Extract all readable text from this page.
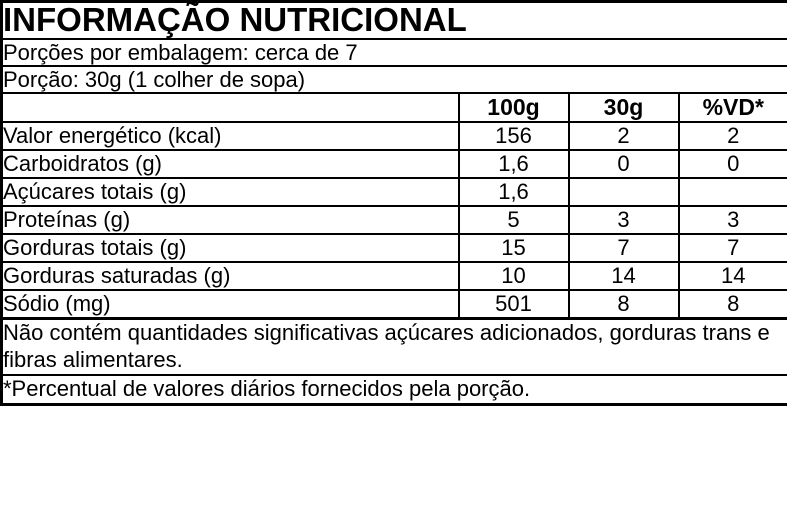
INFORMAÇÃO NUTRICIONAL			
Porções por embalagem: cerca de 7			
Porção: 30g (1 colher de sopa)			
	100g	30g	%VD*
Valor energético (kcal)	156	2	2
Carboidratos (g)	1,6	0	0
Açúcares totais (g)	1,6		
Proteínas (g)	5	3	3
Gorduras totais (g)	15	7	7
Gorduras saturadas (g)	10	14	14
Sódio (mg)	501	8	8
Não contém quantidades significativas açúcares adicionados, gorduras trans e fibras alimentares.			
*Percentual de valores diários fornecidos pela porção.			
